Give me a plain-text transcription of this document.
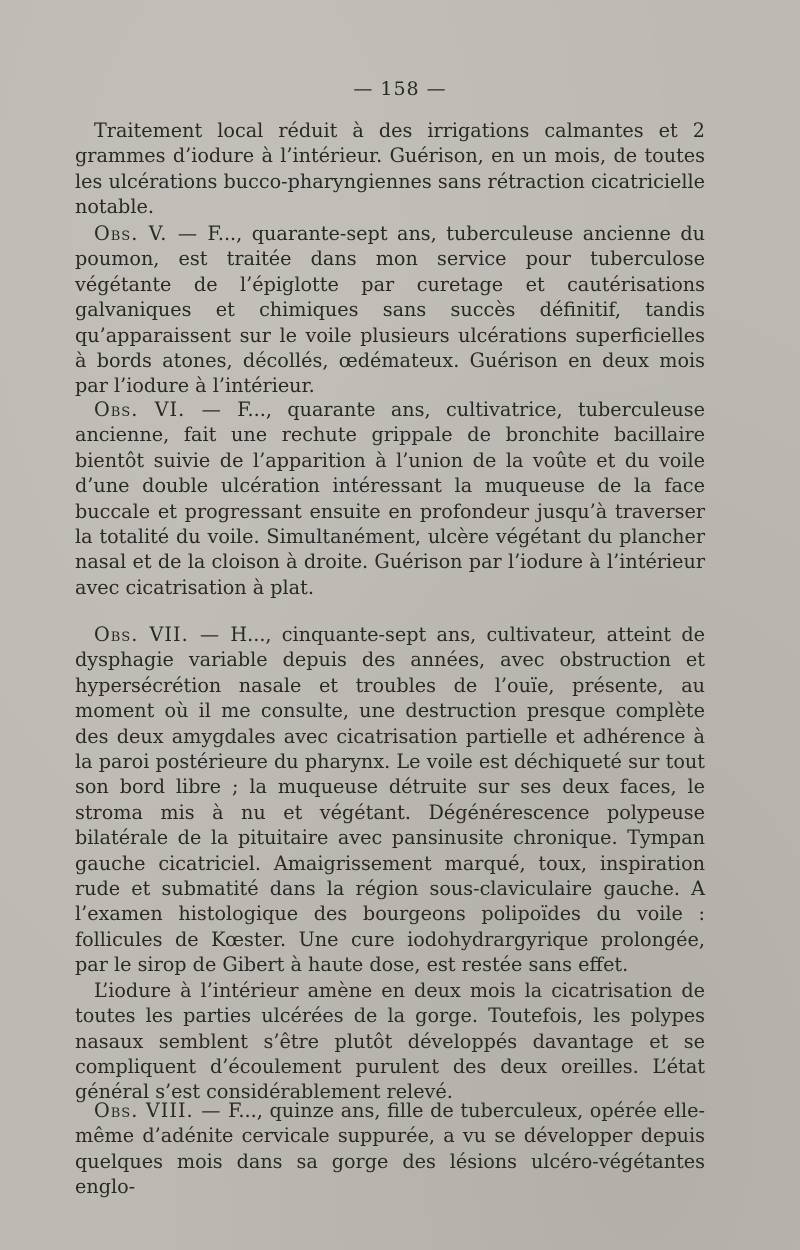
— 158 —

Traitement local réduit à des irrigations calmantes et 2 grammes d’iodure à l’intérieur. Guérison, en un mois, de toutes les ulcérations bucco-pharyngiennes sans rétraction cicatricielle notable.

Obs. V. — F..., quarante-sept ans, tuberculeuse ancienne du poumon, est traitée dans mon service pour tuberculose végétante de l’épiglotte par curetage et cautérisations galvaniques et chimiques sans succès définitif, tandis qu’apparaissent sur le voile plusieurs ulcérations superficielles à bords atones, décollés, œdémateux. Guérison en deux mois par l’iodure à l’intérieur.

Obs. VI. — F..., quarante ans, cultivatrice, tuberculeuse ancienne, fait une rechute grippale de bronchite bacillaire bientôt suivie de l’apparition à l’union de la voûte et du voile d’une double ulcération intéressant la muqueuse de la face buccale et progressant ensuite en profondeur jusqu’à traverser la totalité du voile. Simultanément, ulcère végétant du plancher nasal et de la cloison à droite. Guérison par l’iodure à l’intérieur avec cicatrisation à plat.

Obs. VII. — H..., cinquante-sept ans, cultivateur, atteint de dysphagie variable depuis des années, avec obstruction et hypersécrétion nasale et troubles de l’ouïe, présente, au moment où il me consulte, une destruction presque complète des deux amygdales avec cicatrisation partielle et adhérence à la paroi postérieure du pharynx. Le voile est déchiqueté sur tout son bord libre ; la muqueuse détruite sur ses deux faces, le stroma mis à nu et végétant. Dégénérescence polypeuse bilatérale de la pituitaire avec pansinusite chronique. Tympan gauche cicatriciel. Amaigrissement marqué, toux, inspiration rude et submatité dans la région sous-claviculaire gauche. A l’examen histologique des bourgeons polipoïdes du voile : follicules de Kœster. Une cure iodohydrargyrique prolongée, par le sirop de Gibert à haute dose, est restée sans effet.

L’iodure à l’intérieur amène en deux mois la cicatrisation de toutes les parties ulcérées de la gorge. Toutefois, les polypes nasaux semblent s’être plutôt développés davantage et se compliquent d’écoulement purulent des deux oreilles. L’état général s’est considérablement relevé.

Obs. VIII. — F..., quinze ans, fille de tuberculeux, opérée elle-même d’adénite cervicale suppurée, a vu se développer depuis quelques mois dans sa gorge des lésions ulcéro-végétantes englo-
